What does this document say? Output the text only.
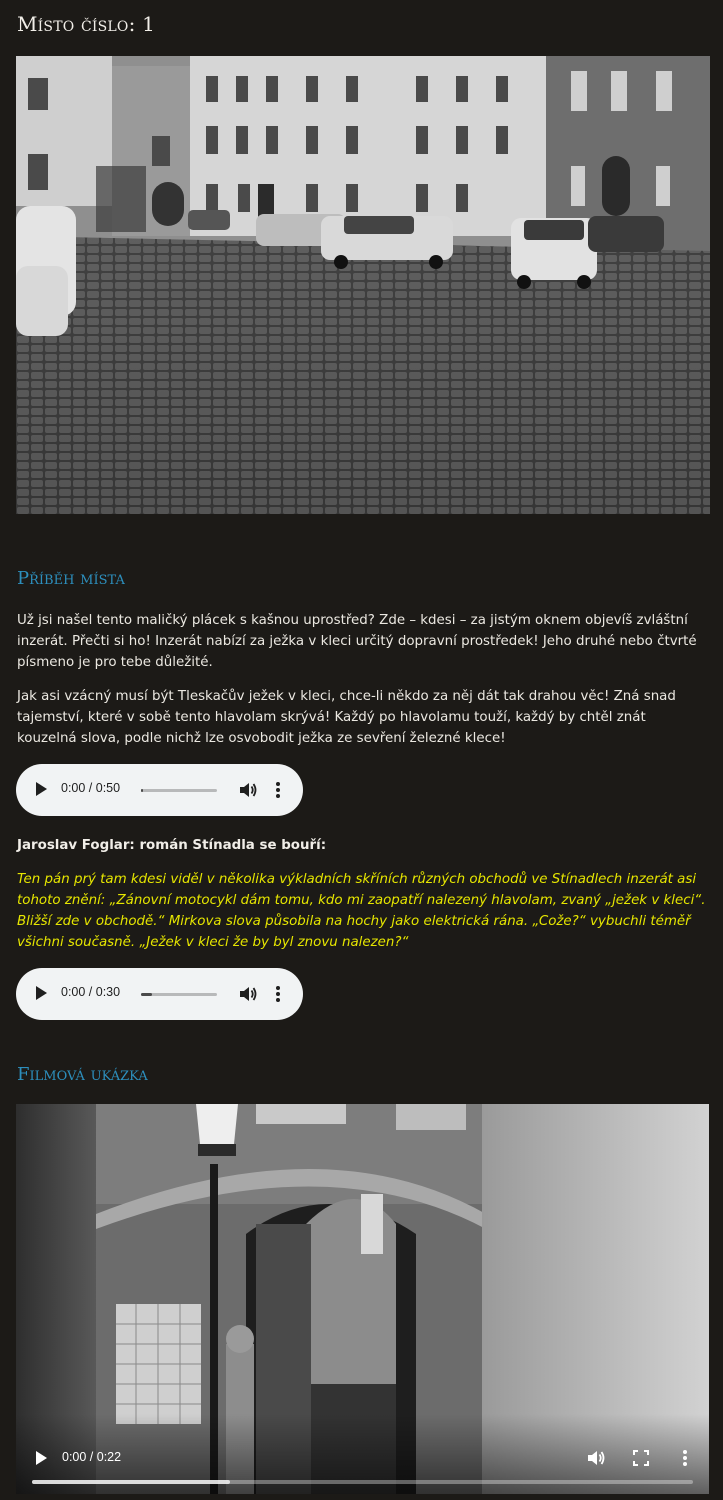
Místo číslo: 1
Příběh místa

Už jsi našel tento maličký plácek s kašnou uprostřed? Zde – kdesi – za jistým oknem objevíš zvláštní inzerát. Přečti si ho! Inzerát nabízí za ježka v kleci určitý dopravní prostředek! Jeho druhé nebo čtvrté písmeno je pro tebe důležité.

Jak asi vzácný musí být Tleskačův ježek v kleci, chce-li někdo za něj dát tak drahou věc! Zná snad tajemství, které v sobě tento hlavolam skrývá! Každý po hlavolamu touží, každý by chtěl znát kouzelná slova, podle nichž lze osvobodit ježka ze sevření železné klece!

0:00 / 0:50

Jaroslav Foglar: román Stínadla se bouří:

Ten pán prý tam kdesi viděl v několika výkladních skříních různých obchodů ve Stínadlech inzerát asi tohoto znění: „Zánovní motocykl dám tomu, kdo mi zaopatří nalezený hlavolam, zvaný „ježek v kleci“. Bližší zde v obchodě.“ Mirkova slova působila na hochy jako elektrická rána. „Cože?“ vybuchli téměř všichni současně. „Ježek v kleci že by byl znovu nalezen?“

0:00 / 0:30
Filmová ukázka
0:00 / 0:22
